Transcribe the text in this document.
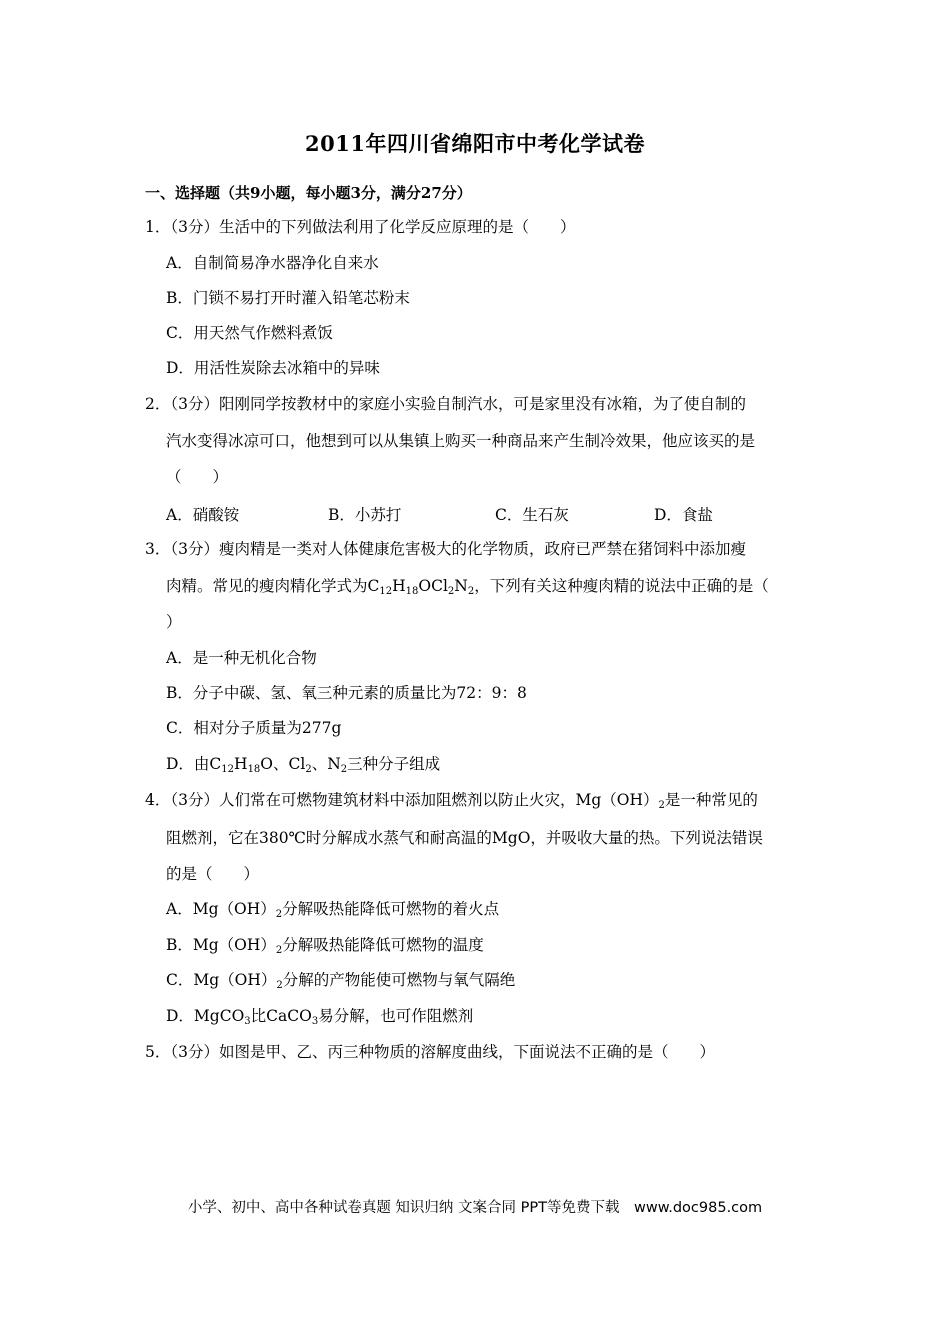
2011年四川省绵阳市中考化学试卷
一、选择题（共9小题，每小题3分，满分27分）
1．（3分）生活中的下列做法利用了化学反应原理的是（　　）
A．自制简易净水器净化自来水
B．门锁不易打开时灌入铅笔芯粉末
C．用天然气作燃料煮饭
D．用活性炭除去冰箱中的异味
2．（3分）阳刚同学按教材中的家庭小实验自制汽水，可是家里没有冰箱，为了使自制的
汽水变得冰凉可口，他想到可以从集镇上购买一种商品来产生制冷效果，他应该买的是
（　　）
A．硝酸铵	B．小苏打	C．生石灰	D．食盐
3．（3分）瘦肉精是一类对人体健康危害极大的化学物质，政府已严禁在猪饲料中添加瘦
肉精。常见的瘦肉精化学式为$C_{12}H_{18}OCl_2N_2$，下列有关这种瘦肉精的说法中正确的是（
）
A．是一种无机化合物
B．分子中碳、氢、氧三种元素的质量比为72：9：8
C．相对分子质量为277g
D．由$C_{12}H_{18}O$、$Cl_2$、$N_2$三种分子组成
4．（3分）人们常在可燃物建筑材料中添加阻燃剂以防止火灾，$Mg(OH)_2$是一种常见的
阻燃剂，它在380℃时分解成水蒸气和耐高温的MgO，并吸收大量的热。下列说法错误
的是（　　）
A．$Mg(OH)_2$分解吸热能降低可燃物的着火点
B．$Mg(OH)_2$分解吸热能降低可燃物的温度
C．$Mg(OH)_2$分解的产物能使可燃物与氧气隔绝
D．MgCO$_3$比CaCO$_3$易分解，也可作阻燃剂
5．（3分）如图是甲、乙、丙三种物质的溶解度曲线，下面说法不正确的是（　　）
小学、初中、高中各种试卷真题 知识归纳 文案合同 PPT等免费下载　www.doc985.com
